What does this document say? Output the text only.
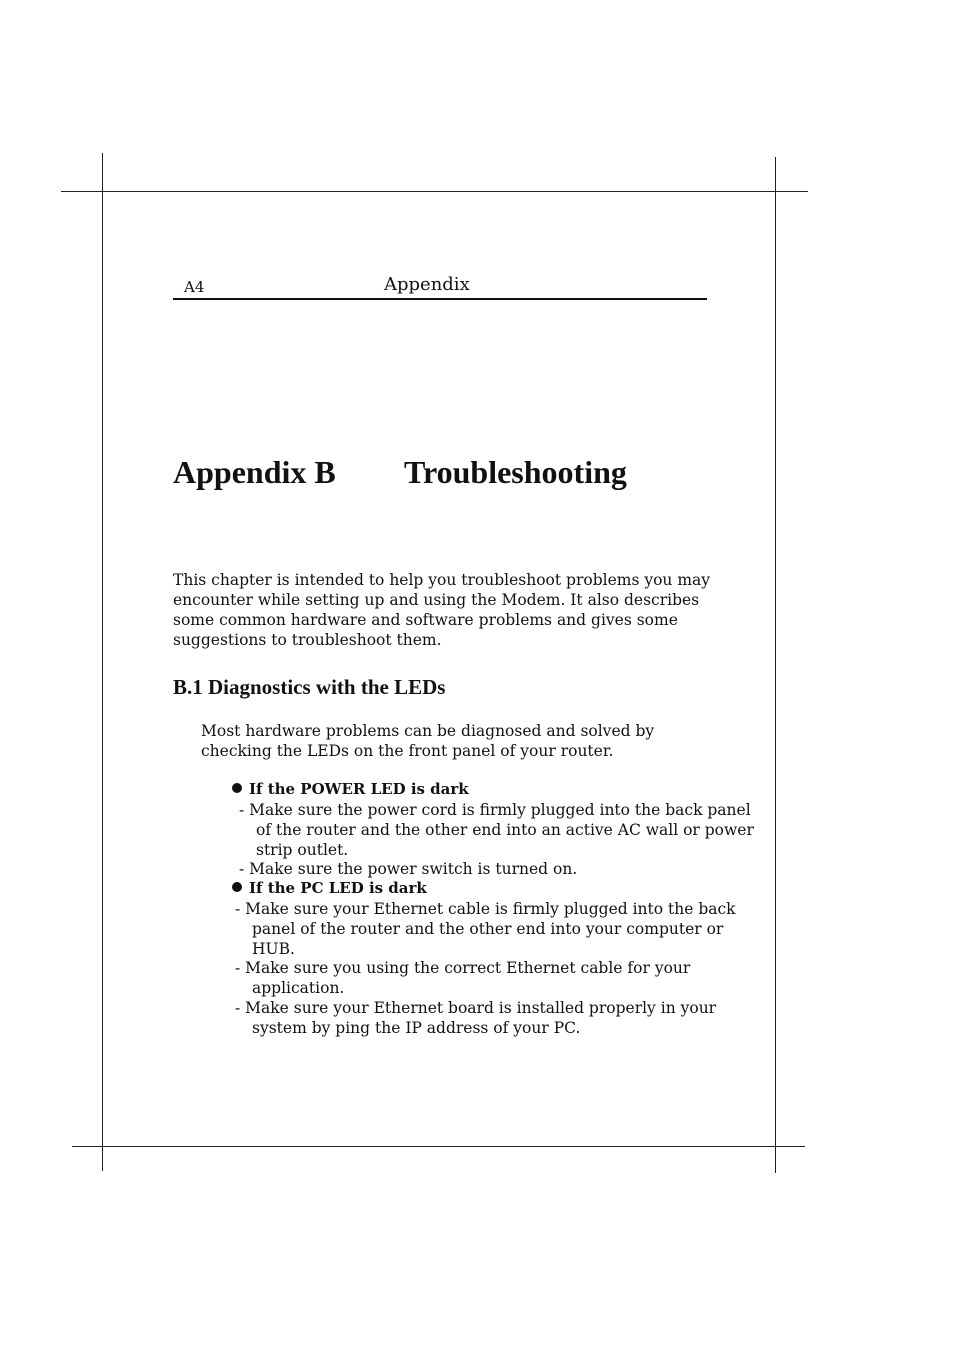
A4	Appendix
Appendix B Troubleshooting

This chapter is intended to help you troubleshoot problems you may encounter while setting up and using the Modem. It also describes some common hardware and software problems and gives some suggestions to troubleshoot them.

B.1 Diagnostics with the LEDs

Most hardware problems can be diagnosed and solved by checking the LEDs on the front panel of your router.

If the POWER LED is dark

- Make sure the power cord is firmly plugged into the back panel
of the router and the other end into an active AC wall or power
strip outlet.

- Make sure the power switch is turned on.

If the PC LED is dark

- Make sure your Ethernet cable is firmly plugged into the back
panel of the router and the other end into your computer or
HUB.

- Make sure you using the correct Ethernet cable for your
application.

- Make sure your Ethernet board is installed properly in your
system by ping the IP address of your PC.
